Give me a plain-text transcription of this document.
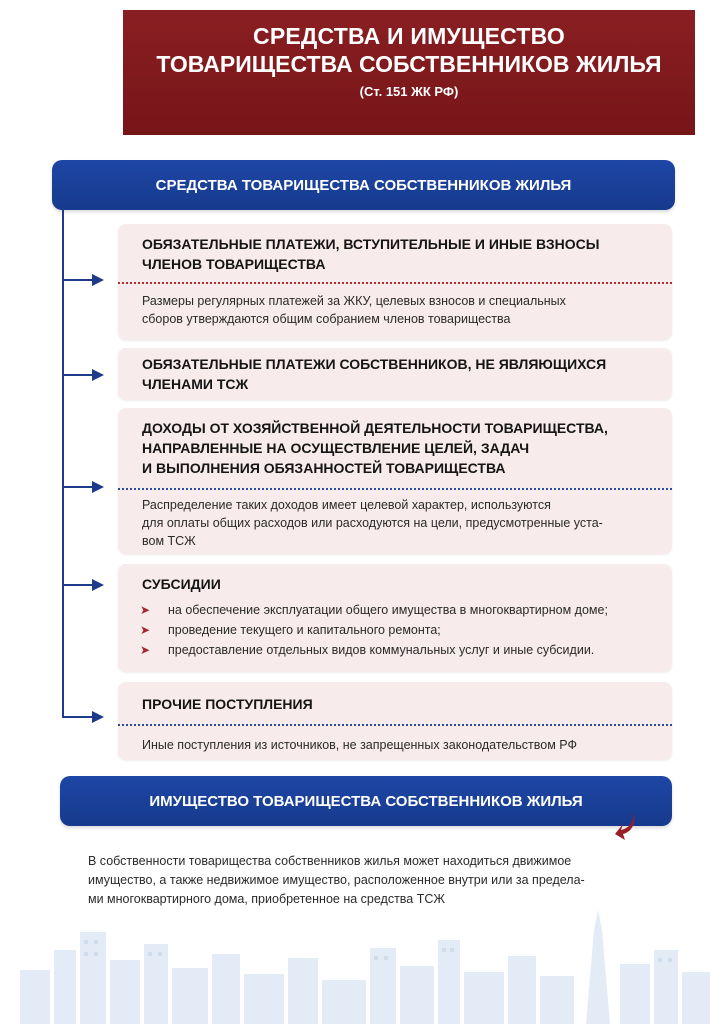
СРЕДСТВА И ИМУЩЕСТВО
ТОВАРИЩЕСТВА СОБСТВЕННИКОВ ЖИЛЬЯ
(Ст. 151 ЖК РФ)
СРЕДСТВА ТОВАРИЩЕСТВА СОБСТВЕННИКОВ ЖИЛЬЯ
ОБЯЗАТЕЛЬНЫЕ ПЛАТЕЖИ, ВСТУПИТЕЛЬНЫЕ И ИНЫЕ ВЗНОСЫ
ЧЛЕНОВ ТОВАРИЩЕСТВА
Размеры регулярных платежей за ЖКУ, целевых взносов и специальных
сборов утверждаются общим собранием членов товарищества
ОБЯЗАТЕЛЬНЫЕ ПЛАТЕЖИ СОБСТВЕННИКОВ, НЕ ЯВЛЯЮЩИХСЯ
ЧЛЕНАМИ ТСЖ
ДОХОДЫ ОТ ХОЗЯЙСТВЕННОЙ ДЕЯТЕЛЬНОСТИ ТОВАРИЩЕСТВА,
НАПРАВЛЕННЫЕ НА ОСУЩЕСТВЛЕНИЕ ЦЕЛЕЙ, ЗАДАЧ
И ВЫПОЛНЕНИЯ ОБЯЗАННОСТЕЙ ТОВАРИЩЕСТВА
Распределение таких доходов имеет целевой характер, используются
для оплаты общих расходов или расходуются на цели, предусмотренные уста-
вом ТСЖ
СУБСИДИИ
➤ на обеспечение эксплуатации общего имущества в многоквартирном доме;
➤ проведение текущего и капитального ремонта;
➤ предоставление отдельных видов коммунальных услуг и иные субсидии.
ПРОЧИЕ ПОСТУПЛЕНИЯ
Иные поступления из источников, не запрещенных законодательством РФ
ИМУЩЕСТВО ТОВАРИЩЕСТВА СОБСТВЕННИКОВ ЖИЛЬЯ
В собственности товарищества собственников жилья может находиться движимое
имущество, а также недвижимое имущество, расположенное внутри или за предела-
ми многоквартирного дома, приобретенное на средства ТСЖ
